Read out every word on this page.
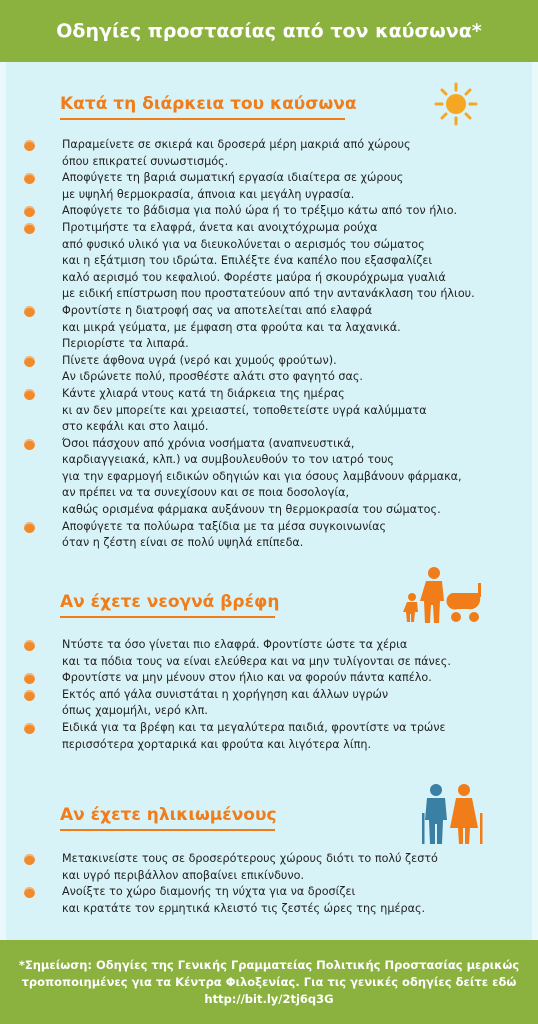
Οδηγίες προστασίας από τον καύσωνα*
Κατά τη διάρκεια του καύσωνα
Παραμείνετε σε σκιερά και δροσερά μέρη μακριά από χώρους
όπου επικρατεί συνωστισμός.
Αποφύγετε τη βαριά σωματική εργασία ιδιαίτερα σε χώρους
με υψηλή θερμοκρασία, άπνοια και μεγάλη υγρασία.
Αποφύγετε το βάδισμα για πολύ ώρα ή το τρέξιμο κάτω από τον ήλιο.
Προτιμήστε τα ελαφρά, άνετα και ανοιχτόχρωμα ρούχα
από φυσικό υλικό για να διευκολύνεται ο αερισμός του σώματος
και η εξάτμιση του ιδρώτα. Επιλέξτε ένα καπέλο που εξασφαλίζει
καλό αερισμό του κεφαλιού. Φορέστε μαύρα ή σκουρόχρωμα γυαλιά
με ειδική επίστρωση που προστατεύουν από την αντανάκλαση του ήλιου.
Φροντίστε η διατροφή σας να αποτελείται από ελαφρά
και μικρά γεύματα, με έμφαση στα φρούτα και τα λαχανικά.
Περιορίστε τα λιπαρά.
Πίνετε άφθονα υγρά (νερό και χυμούς φρούτων).
Αν ιδρώνετε πολύ, προσθέστε αλάτι στο φαγητό σας.
Κάντε χλιαρά ντους κατά τη διάρκεια της ημέρας
κι αν δεν μπορείτε και χρειαστεί, τοποθετείστε υγρά καλύμματα
στο κεφάλι και στο λαιμό.
Όσοι πάσχουν από χρόνια νοσήματα (αναπνευστικά,
καρδιαγγειακά, κλπ.) να συμβουλευθούν το τον ιατρό τους
για την εφαρμογή ειδικών οδηγιών και για όσους λαμβάνουν φάρμακα,
αν πρέπει να τα συνεχίσουν και σε ποια δοσολογία,
καθώς ορισμένα φάρμακα αυξάνουν τη θερμοκρασία του σώματος.
Αποφύγετε τα πολύωρα ταξίδια με τα μέσα συγκοινωνίας
όταν η ζέστη είναι σε πολύ υψηλά επίπεδα.
Αν έχετε νεογνά βρέφη
Ντύστε τα όσο γίνεται πιο ελαφρά. Φροντίστε ώστε τα χέρια
και τα πόδια τους να είναι ελεύθερα και να μην τυλίγονται σε πάνες.
Φροντίστε να μην μένουν στον ήλιο και να φορούν πάντα καπέλο.
Εκτός από γάλα συνιστάται η χορήγηση και άλλων υγρών
όπως χαμομήλι, νερό κλπ.
Ειδικά για τα βρέφη και τα μεγαλύτερα παιδιά, φροντίστε να τρώνε
περισσότερα χορταρικά και φρούτα και λιγότερα λίπη.
Αν έχετε ηλικιωμένους
Μετακινείστε τους σε δροσερότερους χώρους διότι το πολύ ζεστό
και υγρό περιβάλλον αποβαίνει επικίνδυνο.
Ανοίξτε το χώρο διαμονής τη νύχτα για να δροσίζει
και κρατάτε τον ερμητικά κλειστό τις ζεστές ώρες της ημέρας.
*Σημείωση: Οδηγίες της Γενικής Γραμματείας Πολιτικής Προστασίας μερικώς
τροποποιημένες για τα Κέντρα Φιλοξενίας. Για τις γενικές οδηγίες δείτε εδώ
http://bit.ly/2tj6q3G
